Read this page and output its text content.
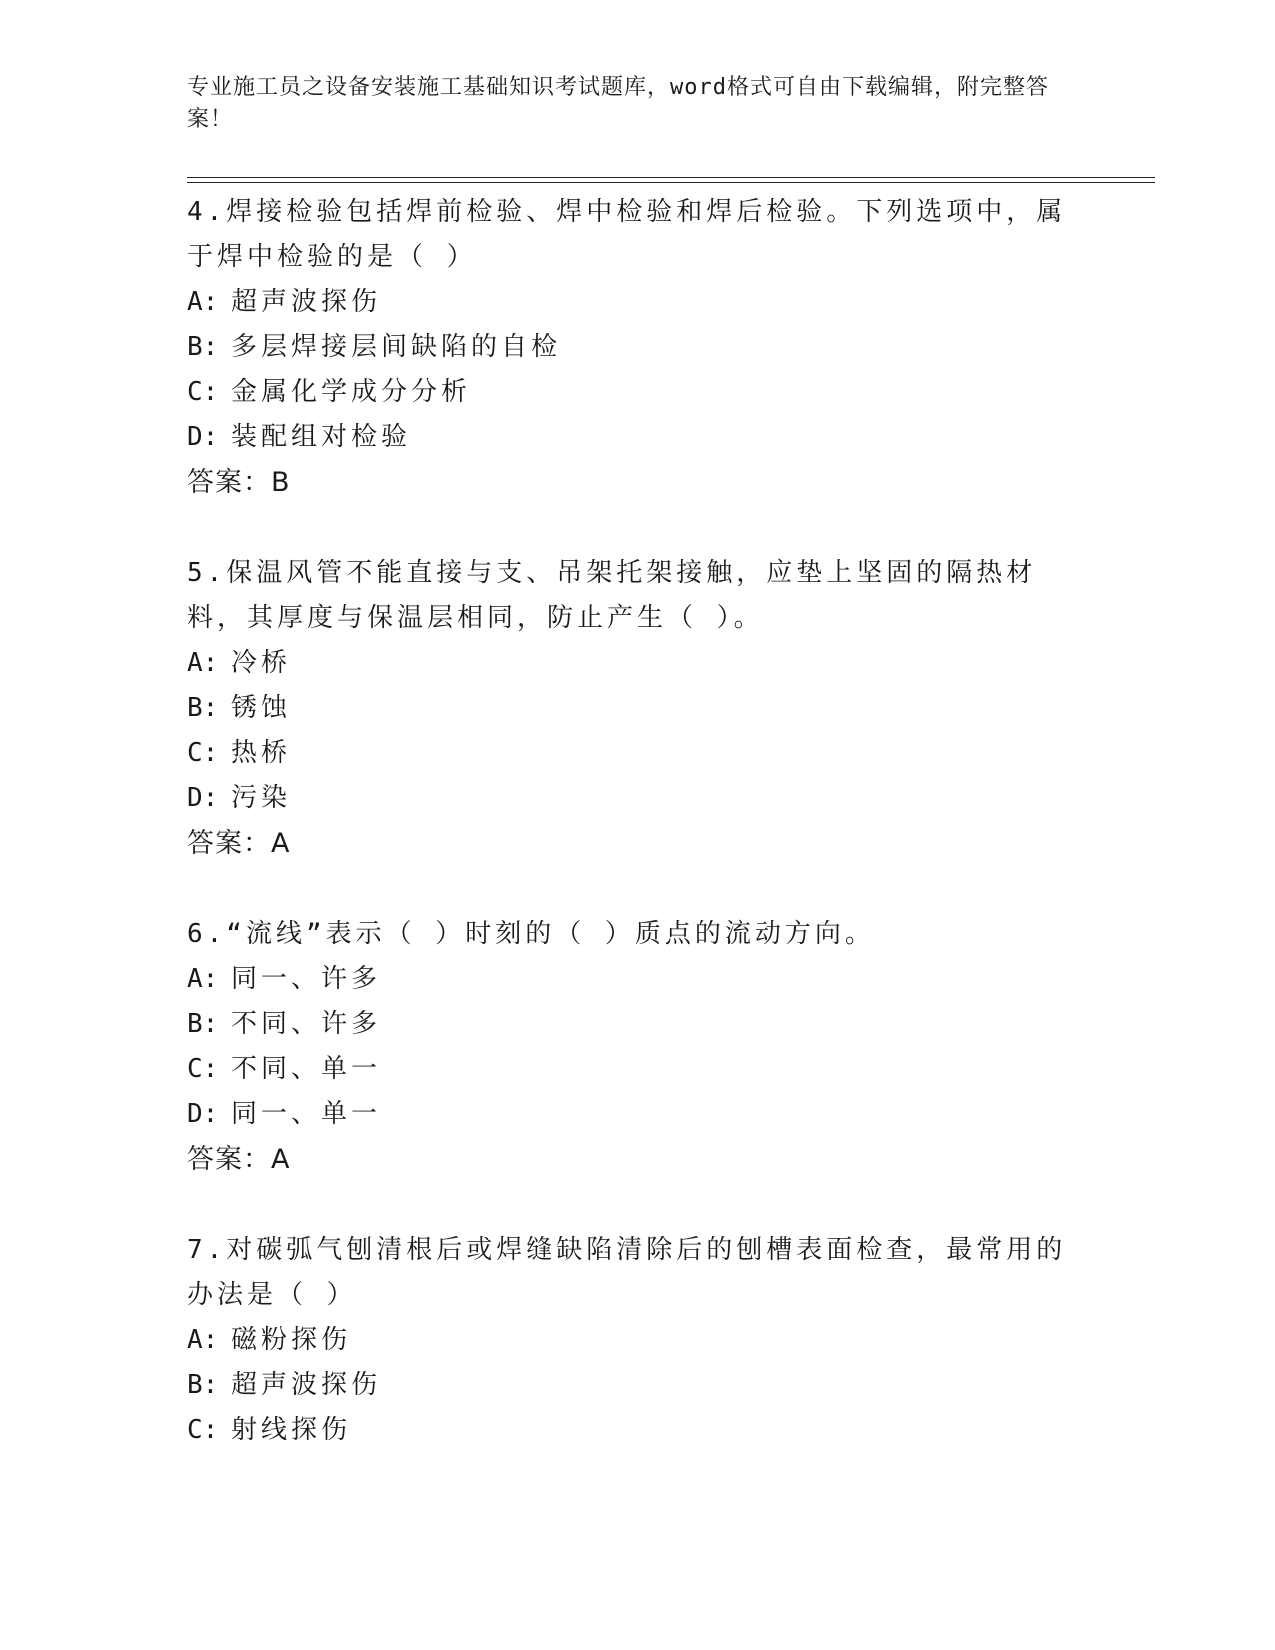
专业施工员之设备安装施工基础知识考试题库，word格式可自由下载编辑，附完整答案！
4.焊接检验包括焊前检验、焊中检验和焊后检验。下列选项中，属于焊中检验的是（ ）
A: 超声波探伤
B: 多层焊接层间缺陷的自检
C: 金属化学成分分析
D: 装配组对检验
答案：B
5.保温风管不能直接与支、吊架托架接触，应垫上坚固的隔热材料，其厚度与保温层相同，防止产生（ ）。
A: 冷桥
B: 锈蚀
C: 热桥
D: 污染
答案：A
6.“流线”表示（ ）时刻的（ ）质点的流动方向。
A: 同一、许多
B: 不同、许多
C: 不同、单一
D: 同一、单一
答案：A
7.对碳弧气刨清根后或焊缝缺陷清除后的刨槽表面检查，最常用的办法是（ ）
A: 磁粉探伤
B: 超声波探伤
C: 射线探伤
